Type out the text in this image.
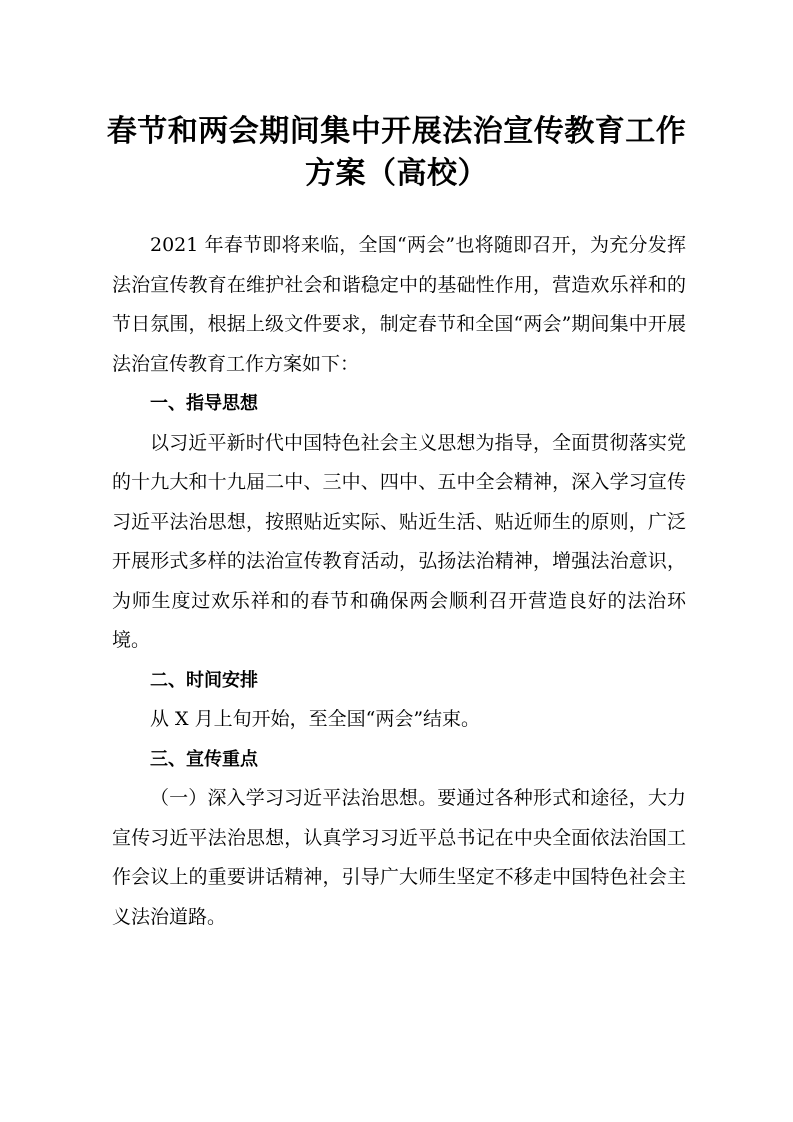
春节和两会期间集中开展法治宣传教育工作
方案（高校）

2021 年春节即将来临，全国“两会”也将随即召开，为充分发挥法治宣传教育在维护社会和谐稳定中的基础性作用，营造欢乐祥和的节日氛围，根据上级文件要求，制定春节和全国“两会”期间集中开展法治宣传教育工作方案如下：

一、指导思想

以习近平新时代中国特色社会主义思想为指导，全面贯彻落实党的十九大和十九届二中、三中、四中、五中全会精神，深入学习宣传习近平法治思想，按照贴近实际、贴近生活、贴近师生的原则，广泛开展形式多样的法治宣传教育活动，弘扬法治精神，增强法治意识，为师生度过欢乐祥和的春节和确保两会顺利召开营造良好的法治环境。

二、时间安排

从 X 月上旬开始，至全国“两会”结束。

三、宣传重点

（一）深入学习习近平法治思想。要通过各种形式和途径，大力宣传习近平法治思想，认真学习习近平总书记在中央全面依法治国工作会议上的重要讲话精神，引导广大师生坚定不移走中国特色社会主义法治道路。
